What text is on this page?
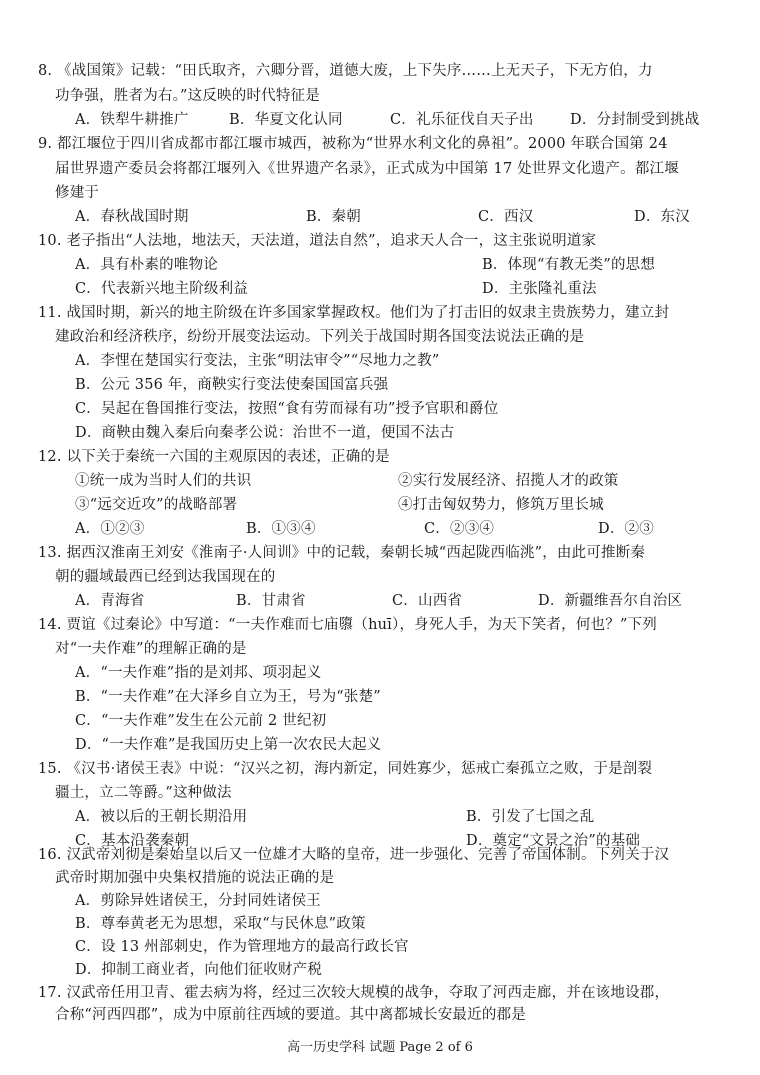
8. 《战国策》记载：“田氏取齐，六卿分晋，道德大废，上下失序……上无天子，下无方伯，力
功争强，胜者为右。”这反映的时代特征是
A．铁犁牛耕推广	B．华夏文化认同	C．礼乐征伐自天子出	D．分封制受到挑战
9. 都江堰位于四川省成都市都江堰市城西，被称为“世界水利文化的鼻祖”。2000 年联合国第 24
届世界遗产委员会将都江堰列入《世界遗产名录》，正式成为中国第 17 处世界文化遗产。都江堰
修建于
A．春秋战国时期	B．秦朝	C．西汉	D．东汉
10. 老子指出“人法地，地法天，天法道，道法自然”，追求天人合一，这主张说明道家
A．具有朴素的唯物论	B．体现“有教无类”的思想
C．代表新兴地主阶级利益	D．主张隆礼重法
11. 战国时期，新兴的地主阶级在许多国家掌握政权。他们为了打击旧的奴隶主贵族势力，建立封
建政治和经济秩序，纷纷开展变法运动。下列关于战国时期各国变法说法正确的是
A．李悝在楚国实行变法，主张“明法审令”“尽地力之教”
B．公元 356 年，商鞅实行变法使秦国国富兵强
C．吴起在鲁国推行变法，按照“食有劳而禄有功”授予官职和爵位
D．商鞅由魏入秦后向秦孝公说：治世不一道，便国不法古
12. 以下关于秦统一六国的主观原因的表述，正确的是
①统一成为当时人们的共识	②实行发展经济、招揽人才的政策
③“远交近攻”的战略部署	④打击匈奴势力，修筑万里长城
A．①②③	B．①③④	C．②③④	D．②③
13. 据西汉淮南王刘安《淮南子·人间训》中的记载，秦朝长城“西起陇西临洮”，由此可推断秦
朝的疆域最西已经到达我国现在的
A．青海省	B．甘肃省	C．山西省	D．新疆维吾尔自治区
14. 贾谊《过秦论》中写道：“一夫作难而七庙隳（huī），身死人手，为天下笑者，何也？”下列
对“一夫作难”的理解正确的是
A．“一夫作难”指的是刘邦、项羽起义
B．“一夫作难”在大泽乡自立为王，号为“张楚”
C．“一夫作难”发生在公元前 2 世纪初
D．“一夫作难”是我国历史上第一次农民大起义
15. 《汉书·诸侯王表》中说：“汉兴之初，海内新定，同姓寡少，惩戒亡秦孤立之败，于是剖裂
疆土，立二等爵。”这种做法
A．被以后的王朝长期沿用	B．引发了七国之乱
C．基本沿袭秦朝	D．奠定“文景之治”的基础
16. 汉武帝刘彻是秦始皇以后又一位雄才大略的皇帝，进一步强化、完善了帝国体制。下列关于汉
武帝时期加强中央集权措施的说法正确的是
A．剪除异姓诸侯王，分封同姓诸侯王
B．尊奉黄老无为思想，采取“与民休息”政策
C．设 13 州部刺史，作为管理地方的最高行政长官
D．抑制工商业者，向他们征收财产税
17. 汉武帝任用卫青、霍去病为将，经过三次较大规模的战争，夺取了河西走廊，并在该地设郡，
合称“河西四郡”，成为中原前往西域的要道。其中离都城长安最近的郡是
高一历史学科 试题 Page 2 of 6
